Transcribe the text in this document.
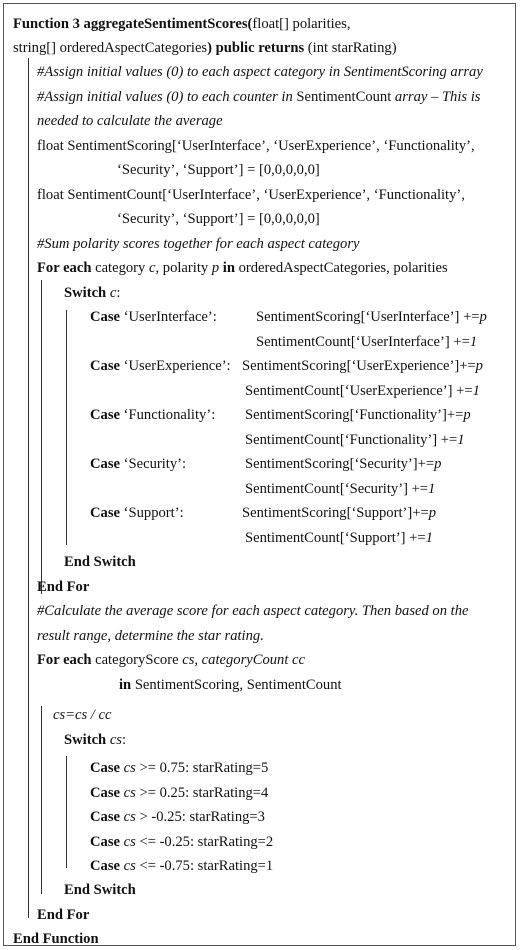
Function 3 aggregateSentimentScores(float[] polarities,
string[] orderedAspectCategories) public returns (int starRating)
#Assign initial values (0) to each aspect category in SentimentScoring array
#Assign initial values (0) to each counter in SentimentCount array – This is
needed to calculate the average
float SentimentScoring[‘UserInterface’, ‘UserExperience’, ‘Functionality’,
‘Security’, ‘Support’] = [0,0,0,0,0]
float SentimentCount[‘UserInterface’, ‘UserExperience’, ‘Functionality’,
‘Security’, ‘Support’] = [0,0,0,0,0]
#Sum polarity scores together for each aspect category
For each category c, polarity p in orderedAspectCategories, polarities
Switch c:
Case ‘UserInterface’:	SentimentScoring[‘UserInterface’] +=p
SentimentCount[‘UserInterface’] +=1
Case ‘UserExperience’: SentimentScoring[‘UserExperience’]+=p
SentimentCount[‘UserExperience’] +=1
Case ‘Functionality’: SentimentScoring[‘Functionality’]+=p
SentimentCount[‘Functionality’] +=1
Case ‘Security’:	SentimentScoring[‘Security’]+=p
SentimentCount[‘Security’] +=1
Case ‘Support’:	SentimentScoring[‘Support’]+=p
SentimentCount[‘Support’] +=1
End Switch
End For
#Calculate the average score for each aspect category. Then based on the
result range, determine the star rating.
For each categoryScore cs, categoryCount cc
in SentimentScoring, SentimentCount
cs=cs / cc
Switch cs:
Case cs >= 0.75: starRating=5
Case cs >= 0.25: starRating=4
Case cs > -0.25: starRating=3
Case cs <= -0.25: starRating=2
Case cs <= -0.75: starRating=1
End Switch
End For
End Function
